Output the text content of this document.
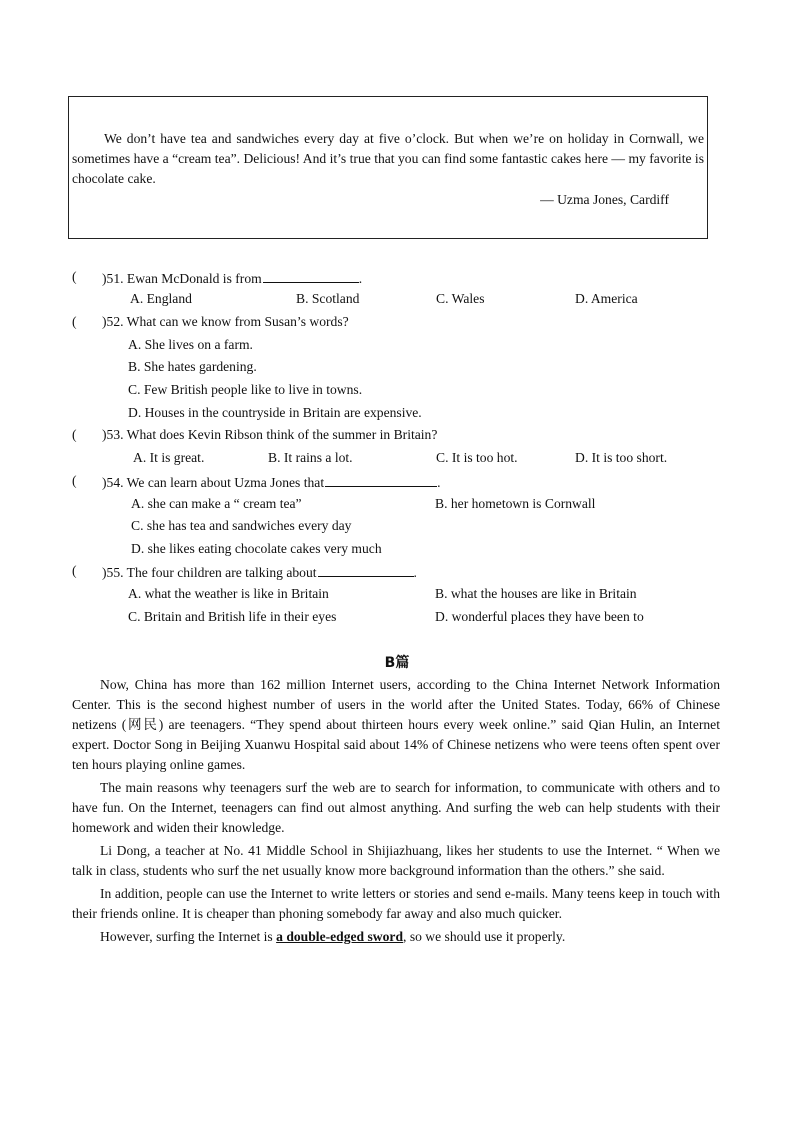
We don’t have tea and sandwiches every day at five o’clock. But when we’re on holiday in Cornwall, we sometimes have a “cream tea”. Delicious! And it’s true that you can find some fantastic cakes here — my favorite is chocolate cake.
— Uzma Jones, Cardiff
( )51. Ewan McDonald is from	.
A. England	B. Scotland	C. Wales	D. America
( )52. What can we know from Susan’s words?
A. She lives on a farm.
B. She hates gardening.
C. Few British people like to live in towns.
D. Houses in the countryside in Britain are expensive.
( )53. What does Kevin Ribson think of the summer in Britain?
A. It is great.	B. It rains a lot.	C. It is too hot.	D. It is too short.
( )54. We can learn about Uzma Jones that	.
A. she can make a “ cream tea”	B. her hometown is Cornwall
C. she has tea and sandwiches every day
D. she likes eating chocolate cakes very much
( )55. The four children are talking about	.
A. what the weather is like in Britain	B. what the houses are like in Britain
C. Britain and British life in their eyes	D. wonderful places they have been to
B篇

Now, China has more than 162 million Internet users, according to the China Internet Network Information Center. This is the second highest number of users in the world after the United States. Today, 66% of Chinese netizens (网民) are teenagers. “They spend about thirteen hours every week online.” said Qian Hulin, an Internet expert. Doctor Song in Beijing Xuanwu Hospital said about 14% of Chinese netizens who were teens often spent over ten hours playing online games.

The main reasons why teenagers surf the web are to search for information, to communicate with others and to have fun. On the Internet, teenagers can find out almost anything. And surfing the web can help students with their homework and widen their knowledge.

Li Dong, a teacher at No. 41 Middle School in Shijiazhuang, likes her students to use the Internet. “ When we talk in class, students who surf the net usually know more background information than the others.” she said.

In addition, people can use the Internet to write letters or stories and send e-mails. Many teens keep in touch with their friends online. It is cheaper than phoning somebody far away and also much quicker.

However, surfing the Internet is a double-edged sword, so we should use it properly.
